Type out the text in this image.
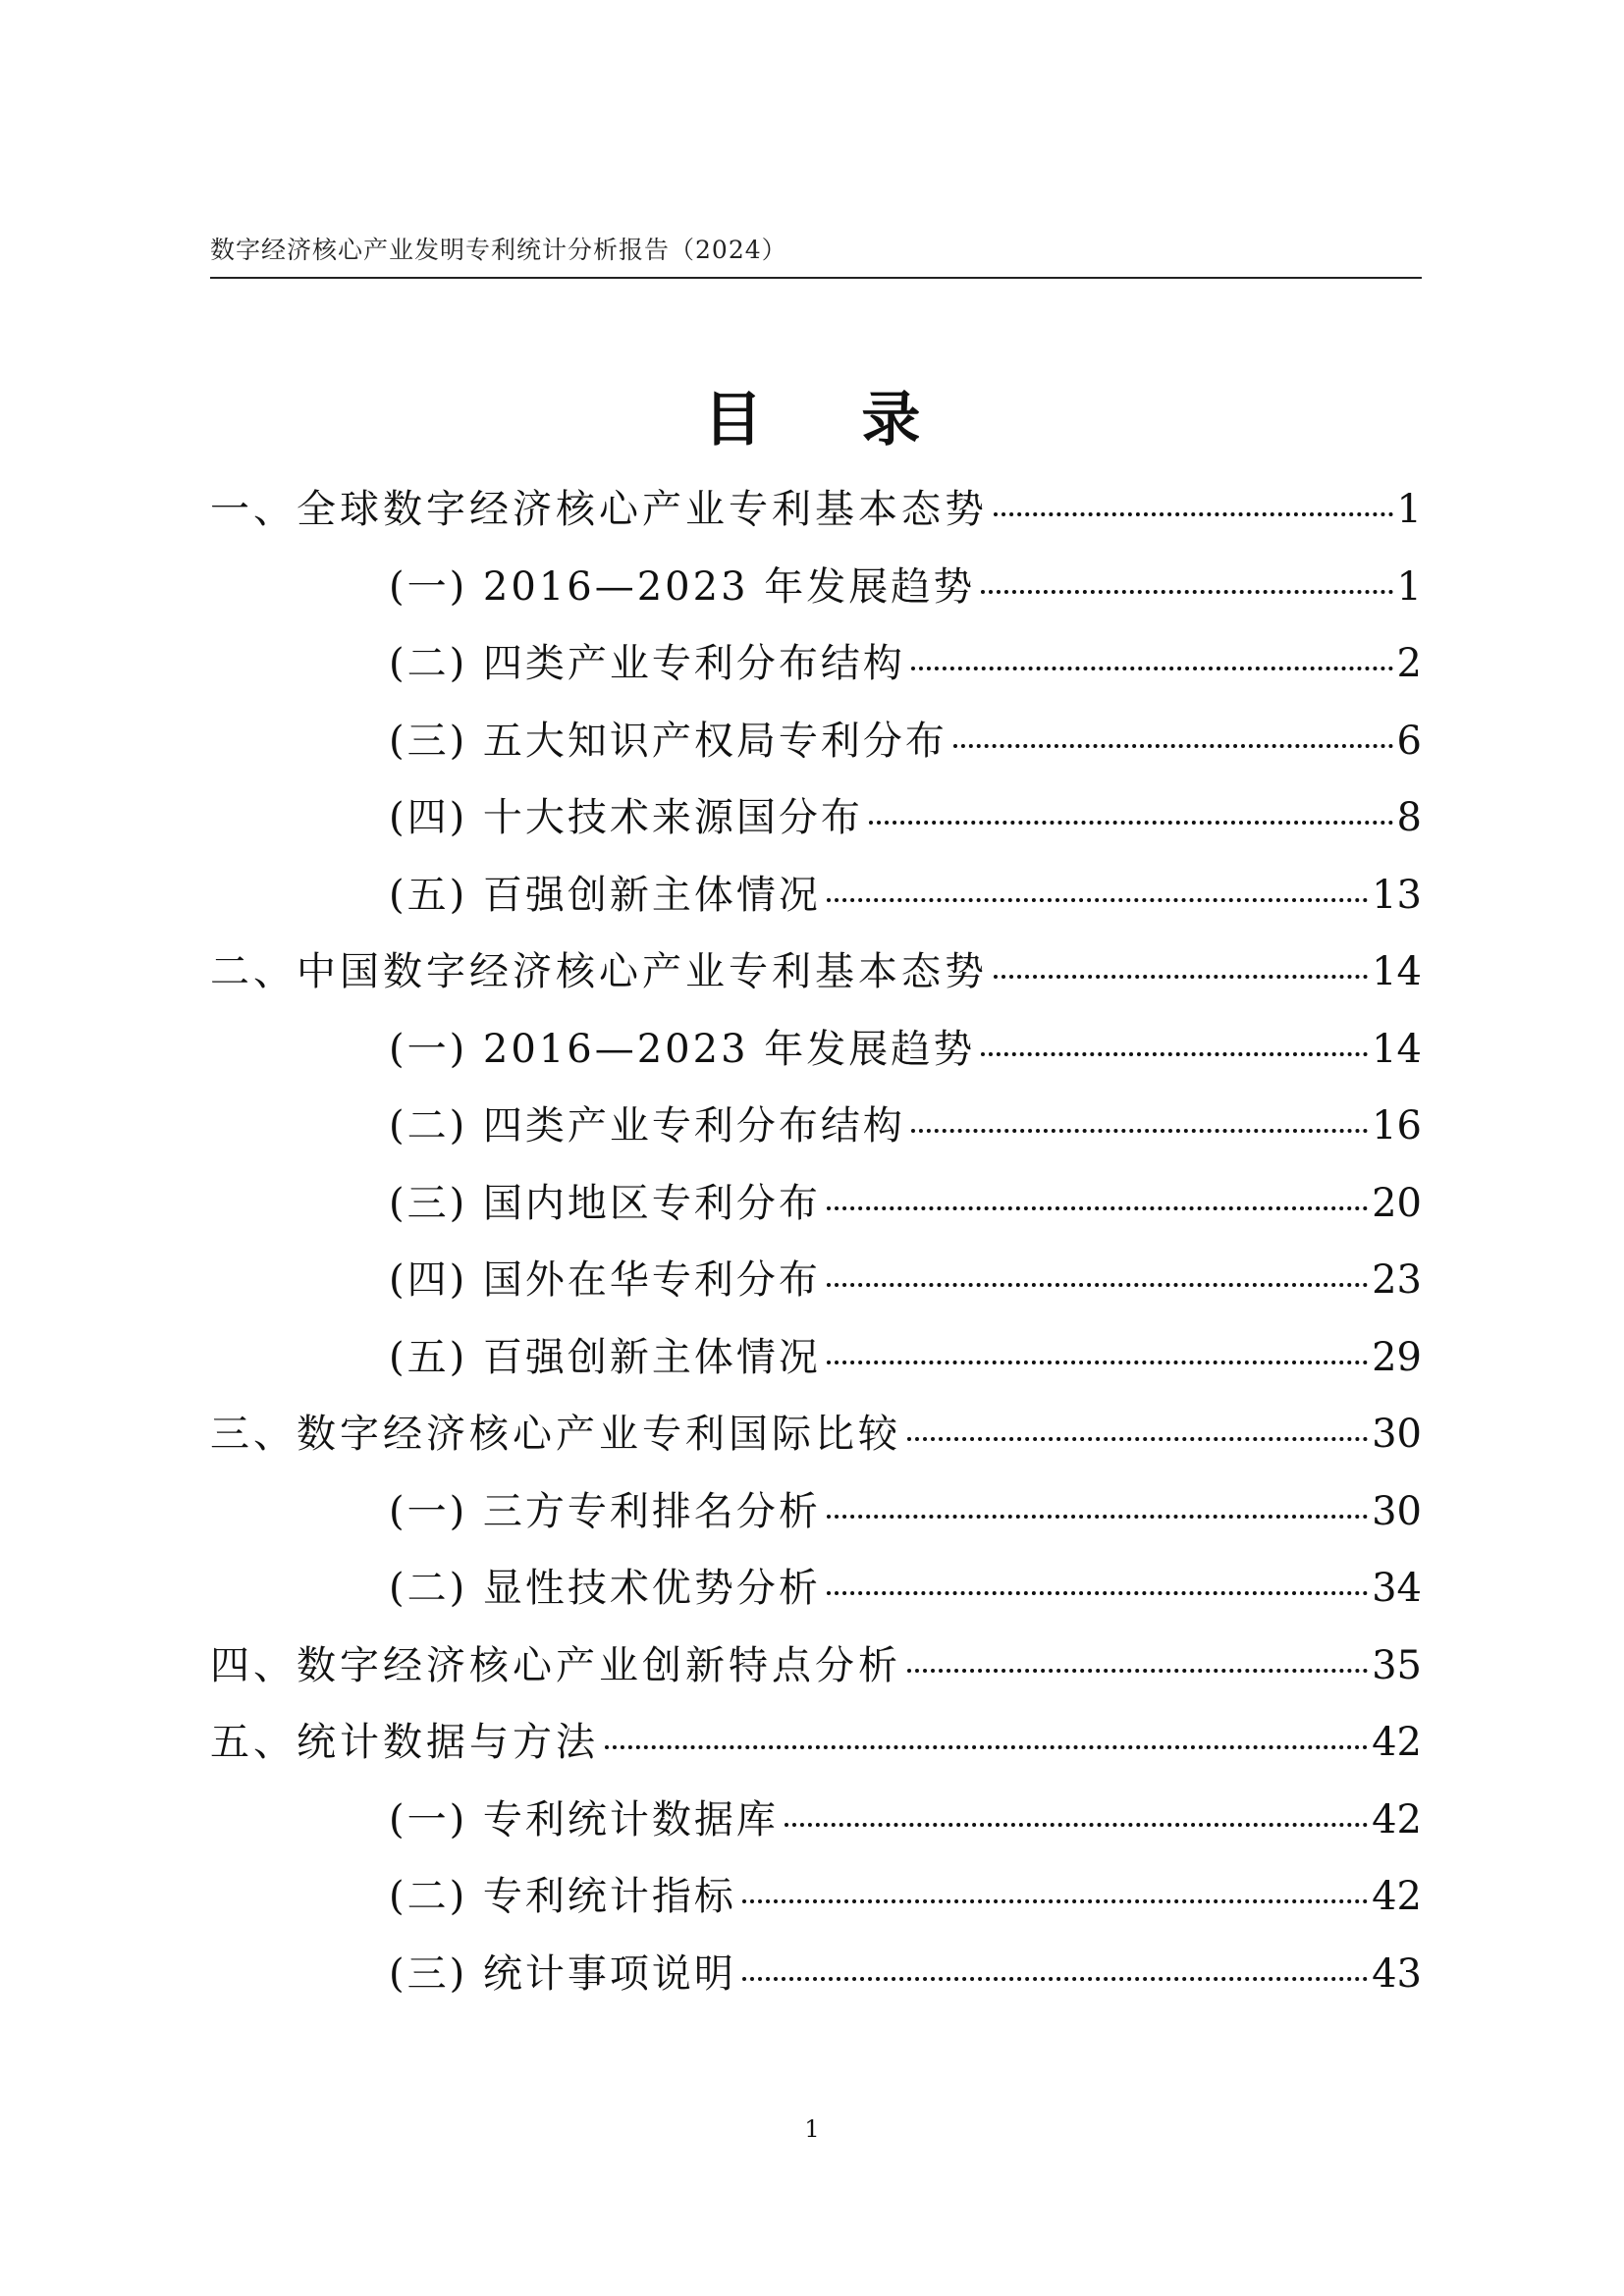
数字经济核心产业发明专利统计分析报告（2024）
目 录
一、全球数字经济核心产业专利基本态势	1
(一) 2016—2023 年发展趋势	1
(二) 四类产业专利分布结构	2
(三) 五大知识产权局专利分布	6
(四) 十大技术来源国分布	8
(五) 百强创新主体情况	13
二、中国数字经济核心产业专利基本态势	14
(一) 2016—2023 年发展趋势	14
(二) 四类产业专利分布结构	16
(三) 国内地区专利分布	20
(四) 国外在华专利分布	23
(五) 百强创新主体情况	29
三、数字经济核心产业专利国际比较	30
(一) 三方专利排名分析	30
(二) 显性技术优势分析	34
四、数字经济核心产业创新特点分析	35
五、统计数据与方法	42
(一) 专利统计数据库	42
(二) 专利统计指标	42
(三) 统计事项说明	43
1
